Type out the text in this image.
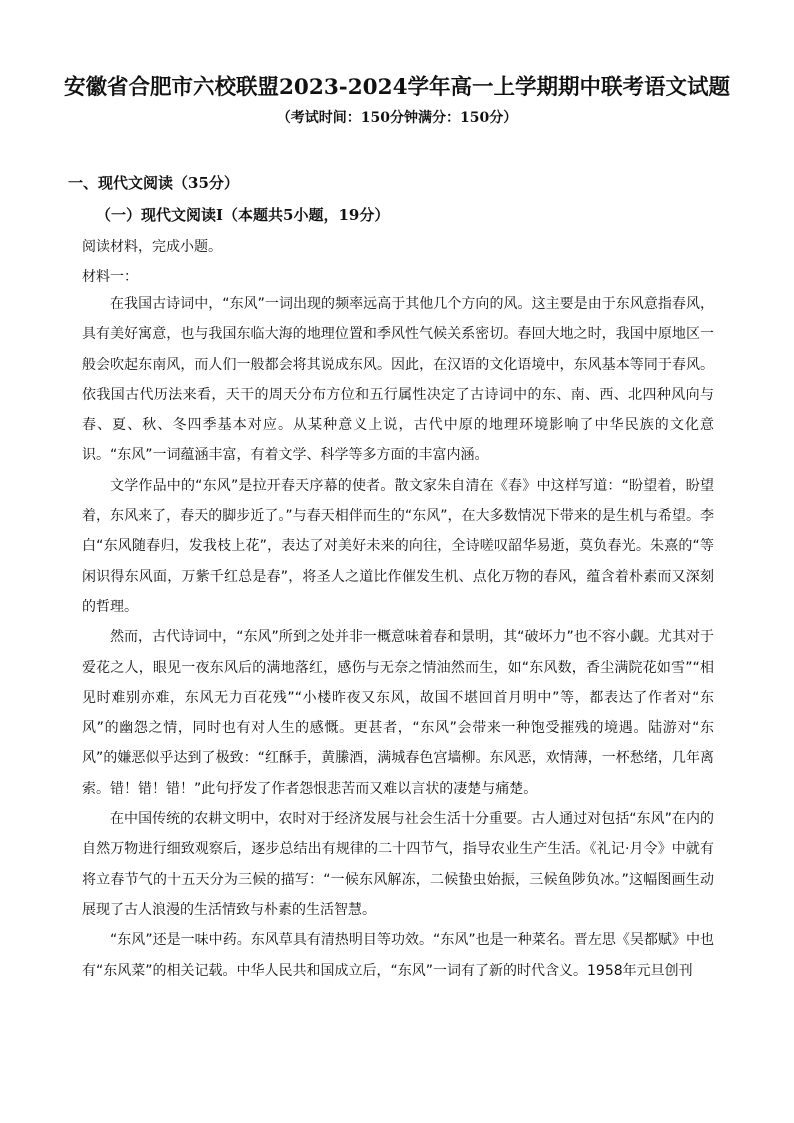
安徽省合肥市六校联盟2023-2024学年高一上学期期中联考语文试题
（考试时间：150分钟满分：150分）
一、现代文阅读（35分）
（一）现代文阅读Ⅰ（本题共5小题，19分）
阅读材料，完成小题。
材料一：

在我国古诗词中，“东风”一词出现的频率远高于其他几个方向的风。这主要是由于东风意指春风，具有美好寓意，也与我国东临大海的地理位置和季风性气候关系密切。春回大地之时，我国中原地区一般会吹起东南风，而人们一般都会将其说成东风。因此，在汉语的文化语境中，东风基本等同于春风。依我国古代历法来看，天干的周天分布方位和五行属性决定了古诗词中的东、南、西、北四种风向与春、夏、秋、冬四季基本对应。从某种意义上说，古代中原的地理环境影响了中华民族的文化意识。“东风”一词蕴涵丰富，有着文学、科学等多方面的丰富内涵。

文学作品中的“东风”是拉开春天序幕的使者。散文家朱自清在《春》中这样写道：“盼望着，盼望着，东风来了，春天的脚步近了。”与春天相伴而生的“东风”，在大多数情况下带来的是生机与希望。李白“东风随春归，发我枝上花”，表达了对美好未来的向往，全诗嗟叹韶华易逝，莫负春光。朱熹的“等闲识得东风面，万紫千红总是春”，将圣人之道比作催发生机、点化万物的春风，蕴含着朴素而又深刻的哲理。

然而，古代诗词中，“东风”所到之处并非一概意味着春和景明，其“破坏力”也不容小觑。尤其对于爱花之人，眼见一夜东风后的满地落红，感伤与无奈之情油然而生，如“东风数，香尘满院花如雪”“相见时难别亦难，东风无力百花残”“小楼昨夜又东风，故国不堪回首月明中”等，都表达了作者对“东风”的幽怨之情，同时也有对人生的感慨。更甚者，“东风”会带来一种饱受摧残的境遇。陆游对“东风”的嫌恶似乎达到了极致：“红酥手，黄縢酒，满城春色宫墙柳。东风恶，欢情薄，一杯愁绪，几年离索。错！错！错！”此句抒发了作者怨恨悲苦而又难以言状的凄楚与痛楚。

在中国传统的农耕文明中，农时对于经济发展与社会生活十分重要。古人通过对包括“东风”在内的自然万物进行细致观察后，逐步总结出有规律的二十四节气，指导农业生产生活。《礼记·月令》中就有将立春节气的十五天分为三候的描写：“一候东风解冻，二候蛰虫始振，三候鱼陟负冰。”这幅图画生动展现了古人浪漫的生活情致与朴素的生活智慧。

“东风”还是一味中药。东风草具有清热明目等功效。“东风”也是一种菜名。晋左思《吴都赋》中也有“东风菜”的相关记载。中华人民共和国成立后，“东风”一词有了新的时代含义。1958年元旦创刊
